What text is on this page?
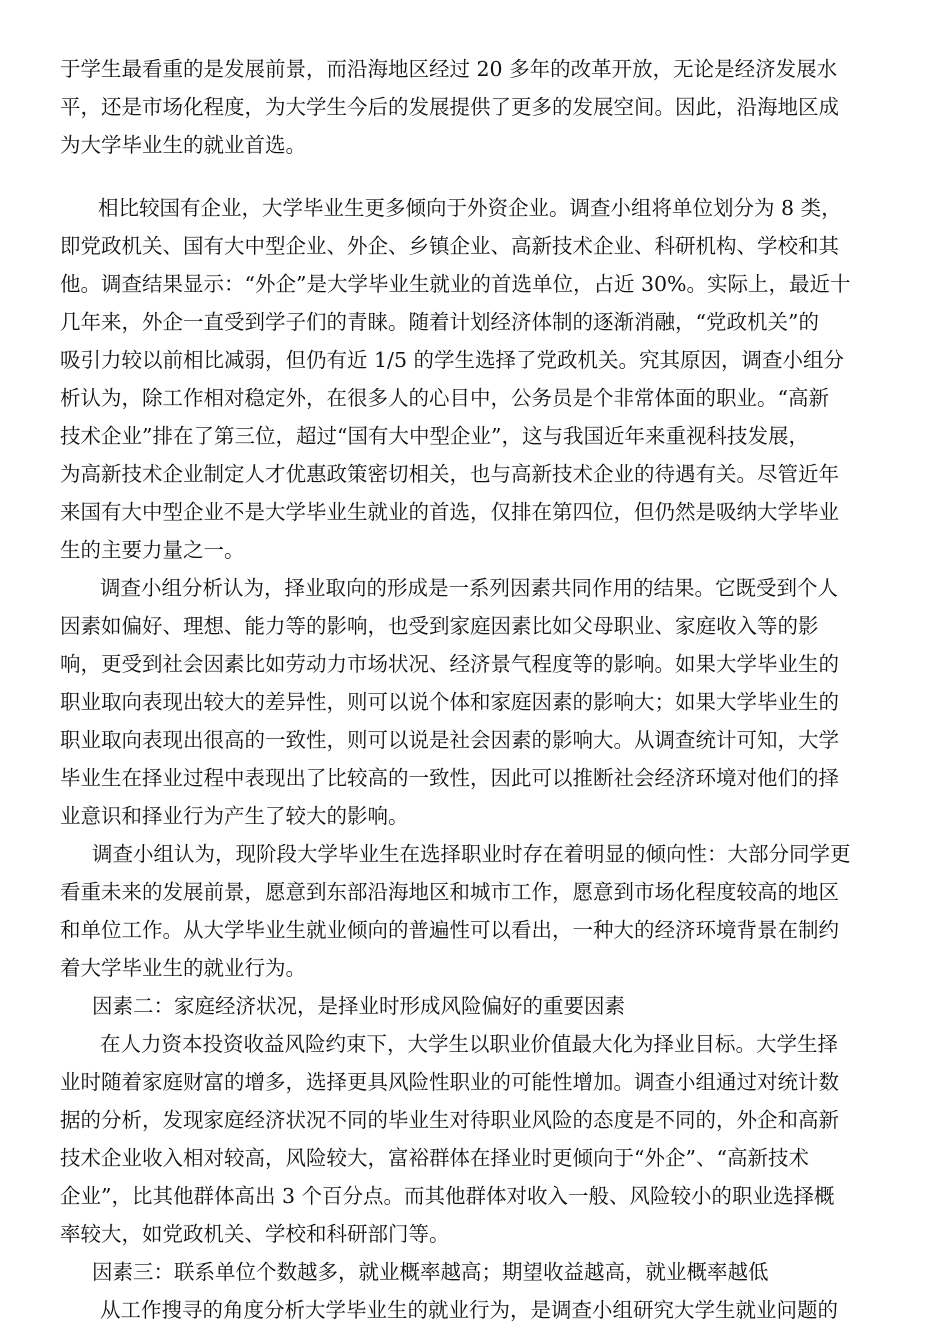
于学生最看重的是发展前景，而沿海地区经过 20 多年的改革开放，无论是经济发展水
平，还是市场化程度，为大学生今后的发展提供了更多的发展空间。因此，沿海地区成
为大学毕业生的就业首选。
相比较国有企业，大学毕业生更多倾向于外资企业。调查小组将单位划分为 8 类，
即党政机关、国有大中型企业、外企、乡镇企业、高新技术企业、科研机构、学校和其
他。调查结果显示：“外企”是大学毕业生就业的首选单位，占近 30%。实际上，最近十
几年来，外企一直受到学子们的青睐。随着计划经济体制的逐渐消融，“党政机关”的
吸引力较以前相比减弱，但仍有近 1/5 的学生选择了党政机关。究其原因，调查小组分
析认为，除工作相对稳定外，在很多人的心目中，公务员是个非常体面的职业。“高新
技术企业”排在了第三位，超过“国有大中型企业”，这与我国近年来重视科技发展，
为高新技术企业制定人才优惠政策密切相关，也与高新技术企业的待遇有关。尽管近年
来国有大中型企业不是大学毕业生就业的首选，仅排在第四位，但仍然是吸纳大学毕业
生的主要力量之一。
调查小组分析认为，择业取向的形成是一系列因素共同作用的结果。它既受到个人
因素如偏好、理想、能力等的影响，也受到家庭因素比如父母职业、家庭收入等的影
响，更受到社会因素比如劳动力市场状况、经济景气程度等的影响。如果大学毕业生的
职业取向表现出较大的差异性，则可以说个体和家庭因素的影响大；如果大学毕业生的
职业取向表现出很高的一致性，则可以说是社会因素的影响大。从调查统计可知，大学
毕业生在择业过程中表现出了比较高的一致性，因此可以推断社会经济环境对他们的择
业意识和择业行为产生了较大的影响。
调查小组认为，现阶段大学毕业生在选择职业时存在着明显的倾向性：大部分同学更
看重未来的发展前景，愿意到东部沿海地区和城市工作，愿意到市场化程度较高的地区
和单位工作。从大学毕业生就业倾向的普遍性可以看出，一种大的经济环境背景在制约
着大学毕业生的就业行为。
因素二：家庭经济状况，是择业时形成风险偏好的重要因素
在人力资本投资收益风险约束下，大学生以职业价值最大化为择业目标。大学生择
业时随着家庭财富的增多，选择更具风险性职业的可能性增加。调查小组通过对统计数
据的分析，发现家庭经济状况不同的毕业生对待职业风险的态度是不同的，外企和高新
技术企业收入相对较高，风险较大，富裕群体在择业时更倾向于“外企”、“高新技术
企业”，比其他群体高出 3 个百分点。而其他群体对收入一般、风险较小的职业选择概
率较大，如党政机关、学校和科研部门等。
因素三：联系单位个数越多，就业概率越高；期望收益越高，就业概率越低
从工作搜寻的角度分析大学毕业生的就业行为，是调查小组研究大学生就业问题的
